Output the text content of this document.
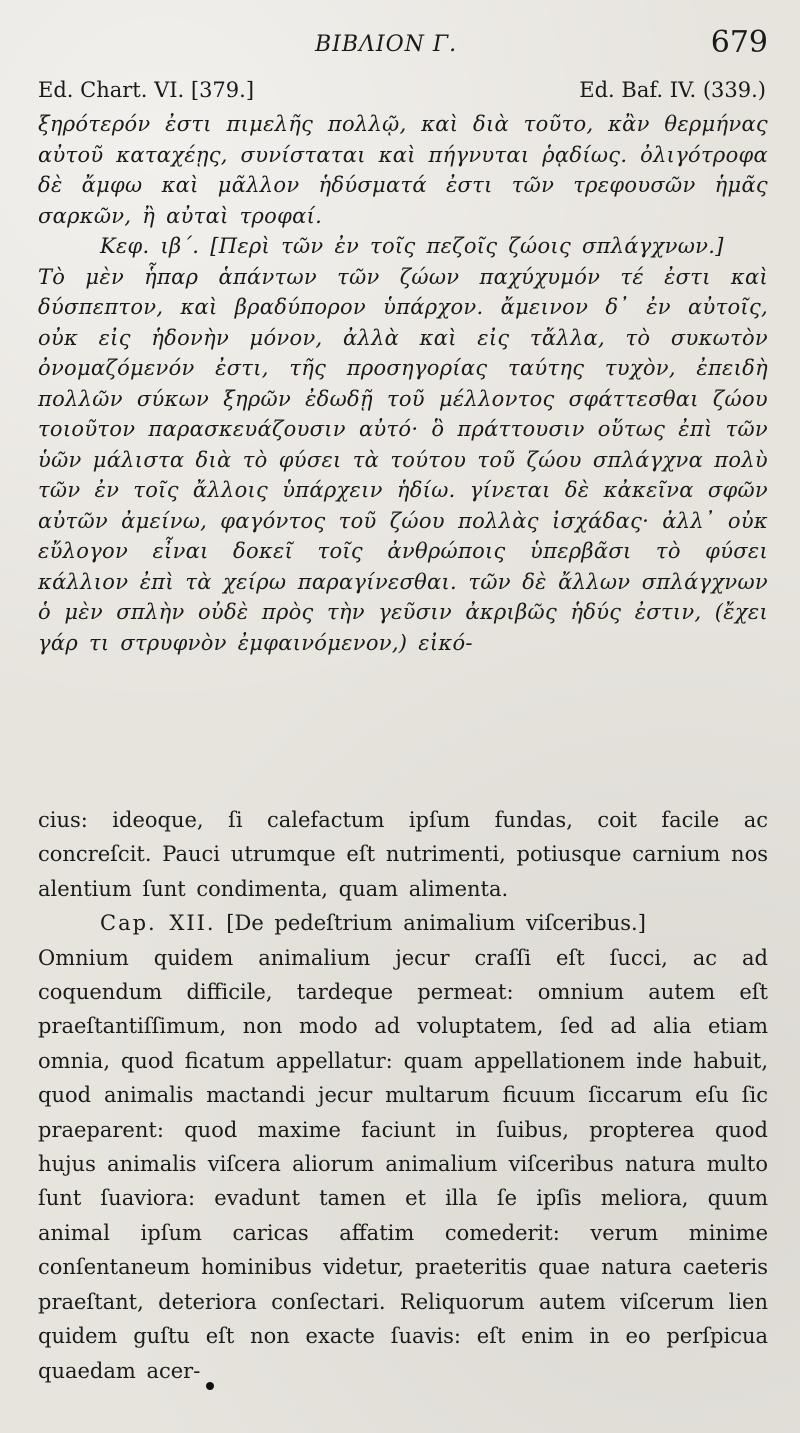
ΒΙΒΛΙΟΝ Γ.	679
Ed. Chart. VI. [379.]	Ed. Baf. IV. (339.)

ξηρότερόν ἐστι πιμελῆς πολλῷ, καὶ διὰ τοῦτο, κἂν θερμήνας αὐτοῦ καταχέῃς, συνίσταται καὶ πήγνυται ῥᾳδίως. ὀλιγότροφα δὲ ἄμφω καὶ μᾶλλον ἡδύσματά ἐστι τῶν τρεφουσῶν ἡμᾶς σαρκῶν, ἢ αὐταὶ τροφαί.

Κεφ. ιβ΄. [Περὶ τῶν ἐν τοῖς πεζοῖς ζώοις σπλάγχνων.]

Τὸ μὲν ἧπαρ ἁπάντων τῶν ζώων παχύχυμόν τέ ἐστι καὶ δύσπεπτον, καὶ βραδύπορον ὑπάρχον. ἄμεινον δ᾽ ἐν αὐτοῖς, οὐκ εἰς ἡδονὴν μόνον, ἀλλὰ καὶ εἰς τἄλλα, τὸ συκωτὸν ὀνομαζόμενόν ἐστι, τῆς προσηγορίας ταύτης τυχὸν, ἐπειδὴ πολλῶν σύκων ξηρῶν ἐδωδῇ τοῦ μέλλοντος σφάττεσθαι ζώου τοιοῦτον παρασκευάζουσιν αὐτό· ὃ πράττουσιν οὕτως ἐπὶ τῶν ὑῶν μάλιστα διὰ τὸ φύσει τὰ τούτου τοῦ ζώου σπλάγχνα πολὺ τῶν ἐν τοῖς ἄλλοις ὑπάρχειν ἡδίω. γίνεται δὲ κἀκεῖνα σφῶν αὐτῶν ἀμείνω, φαγόντος τοῦ ζώου πολλὰς ἰσχάδας· ἀλλ᾽ οὐκ εὔλογον εἶναι δοκεῖ τοῖς ἀνθρώποις ὑπερβᾶσι τὸ φύσει κάλλιον ἐπὶ τὰ χείρω παραγίνεσθαι. τῶν δὲ ἄλλων σπλάγχνων ὁ μὲν σπλὴν οὐδὲ πρὸς τὴν γεῦσιν ἀκριβῶς ἡδύς ἐστιν, (ἔχει γάρ τι στρυφνὸν ἐμφαινόμενον,) εἰκό-

cius: ideoque, ſi calefactum ipſum fundas, coit facile ac concreſcit. Pauci utrumque eſt nutrimenti, potiusque carnium nos alentium ſunt condimenta, quam alimenta.

Cap. XII. [De pedeſtrium animalium viſceribus.]

Omnium quidem animalium jecur craſſi eſt ſucci, ac ad coquendum difficile, tardeque permeat: omnium autem eſt praeſtantiſſimum, non modo ad voluptatem, ſed ad alia etiam omnia, quod ficatum appellatur: quam appellationem inde habuit, quod animalis mactandi jecur multarum ficuum ſiccarum eſu ſic praeparent: quod maxime faciunt in ſuibus, propterea quod hujus animalis viſcera aliorum animalium viſceribus natura multo ſunt ſuaviora: evadunt tamen et illa ſe ipſis meliora, quum animal ipſum caricas affatim comederit: verum minime conſentaneum hominibus videtur, praeteritis quae natura caeteris praeſtant, deteriora conſectari. Reliquorum autem viſcerum lien quidem guſtu eſt non exacte ſuavis: eſt enim in eo perſpicua quaedam acer-
